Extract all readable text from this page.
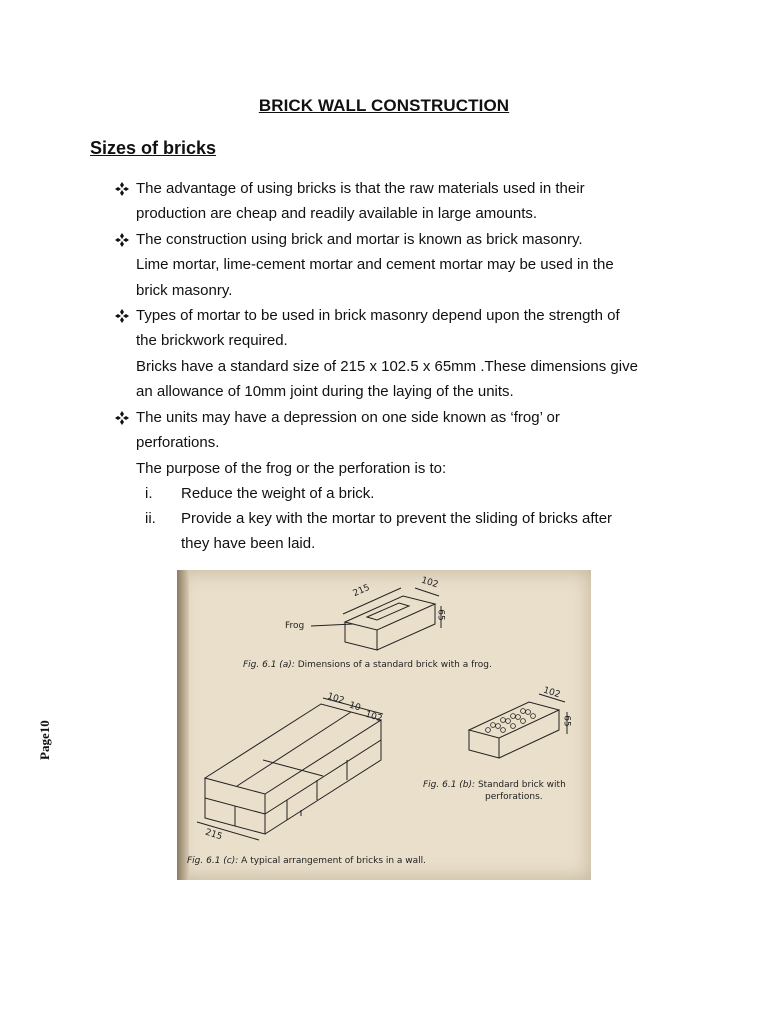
BRICK WALL CONSTRUCTION
Sizes of bricks
The advantage of using bricks is that the raw materials used in their
production are cheap and readily available in large amounts.
The construction using brick and mortar is known as brick masonry.
Lime mortar, lime-cement mortar and cement mortar may be used in the
brick masonry.
Types of mortar to be used in brick masonry depend upon the strength of
the brickwork required.
Bricks have a standard size of 215 x 102.5 x 65mm .These dimensions give
an allowance of 10mm joint during the laying of the units.
The units may have a depression on one side known as ‘frog’ or
perforations.
The purpose of the frog or the perforation is to:
i. Reduce the weight of a brick.
ii. Provide a key with the mortar to prevent the sliding of bricks after
they have been laid.
Page10
215	102
65
Frog
Fig. 6.1 (a): Dimensions of a standard brick with a frog.
102
65
Fig. 6.1 (b): Standard brick with
perforations.
102
10
102
215
Fig. 6.1 (c): A typical arrangement of bricks in a wall.
